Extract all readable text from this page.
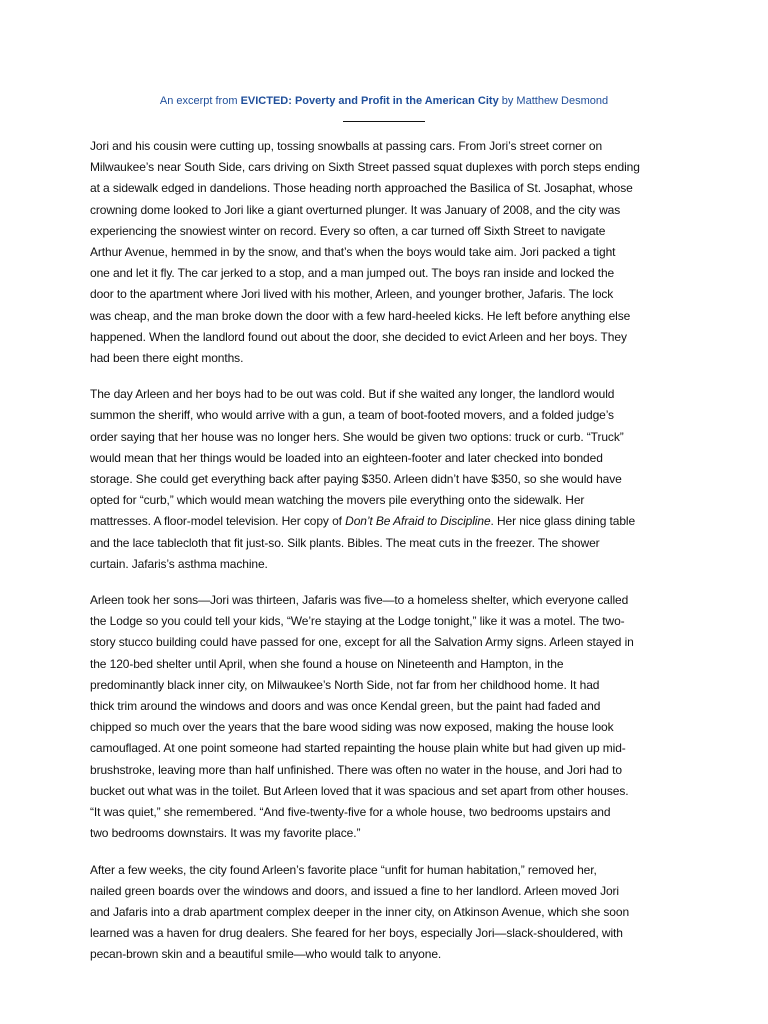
An excerpt from EVICTED: Poverty and Profit in the American City by Matthew Desmond

Jori and his cousin were cutting up, tossing snowballs at passing cars. From Jori’s street corner on
Milwaukee’s near South Side, cars driving on Sixth Street passed squat duplexes with porch steps ending
at a sidewalk edged in dandelions. Those heading north approached the Basilica of St. Josaphat, whose
crowning dome looked to Jori like a giant overturned plunger. It was January of 2008, and the city was
experiencing the snowiest winter on record. Every so often, a car turned off Sixth Street to navigate
Arthur Avenue, hemmed in by the snow, and that’s when the boys would take aim. Jori packed a tight
one and let it fly. The car jerked to a stop, and a man jumped out. The boys ran inside and locked the
door to the apartment where Jori lived with his mother, Arleen, and younger brother, Jafaris. The lock
was cheap, and the man broke down the door with a few hard-heeled kicks. He left before anything else
happened. When the landlord found out about the door, she decided to evict Arleen and her boys. They
had been there eight months.

The day Arleen and her boys had to be out was cold. But if she waited any longer, the landlord would
summon the sheriff, who would arrive with a gun, a team of boot-footed movers, and a folded judge’s
order saying that her house was no longer hers. She would be given two options: truck or curb. “Truck”
would mean that her things would be loaded into an eighteen-footer and later checked into bonded
storage. She could get everything back after paying $350. Arleen didn’t have $350, so she would have
opted for “curb,” which would mean watching the movers pile everything onto the sidewalk. Her
mattresses. A floor-model television. Her copy of Don’t Be Afraid to Discipline. Her nice glass dining table
and the lace tablecloth that fit just-so. Silk plants. Bibles. The meat cuts in the freezer. The shower
curtain. Jafaris’s asthma machine.

Arleen took her sons—Jori was thirteen, Jafaris was five—to a homeless shelter, which everyone called
the Lodge so you could tell your kids, “We’re staying at the Lodge tonight,” like it was a motel. The two-
story stucco building could have passed for one, except for all the Salvation Army signs. Arleen stayed in
the 120-bed shelter until April, when she found a house on Nineteenth and Hampton, in the
predominantly black inner city, on Milwaukee’s North Side, not far from her childhood home. It had
thick trim around the windows and doors and was once Kendal green, but the paint had faded and
chipped so much over the years that the bare wood siding was now exposed, making the house look
camouflaged. At one point someone had started repainting the house plain white but had given up mid-
brushstroke, leaving more than half unfinished. There was often no water in the house, and Jori had to
bucket out what was in the toilet. But Arleen loved that it was spacious and set apart from other houses.
“It was quiet,” she remembered. “And five-twenty-five for a whole house, two bedrooms upstairs and
two bedrooms downstairs. It was my favorite place.”

After a few weeks, the city found Arleen’s favorite place “unfit for human habitation,” removed her,
nailed green boards over the windows and doors, and issued a fine to her landlord. Arleen moved Jori
and Jafaris into a drab apartment complex deeper in the inner city, on Atkinson Avenue, which she soon
learned was a haven for drug dealers. She feared for her boys, especially Jori—slack-shouldered, with
pecan-brown skin and a beautiful smile—who would talk to anyone.
